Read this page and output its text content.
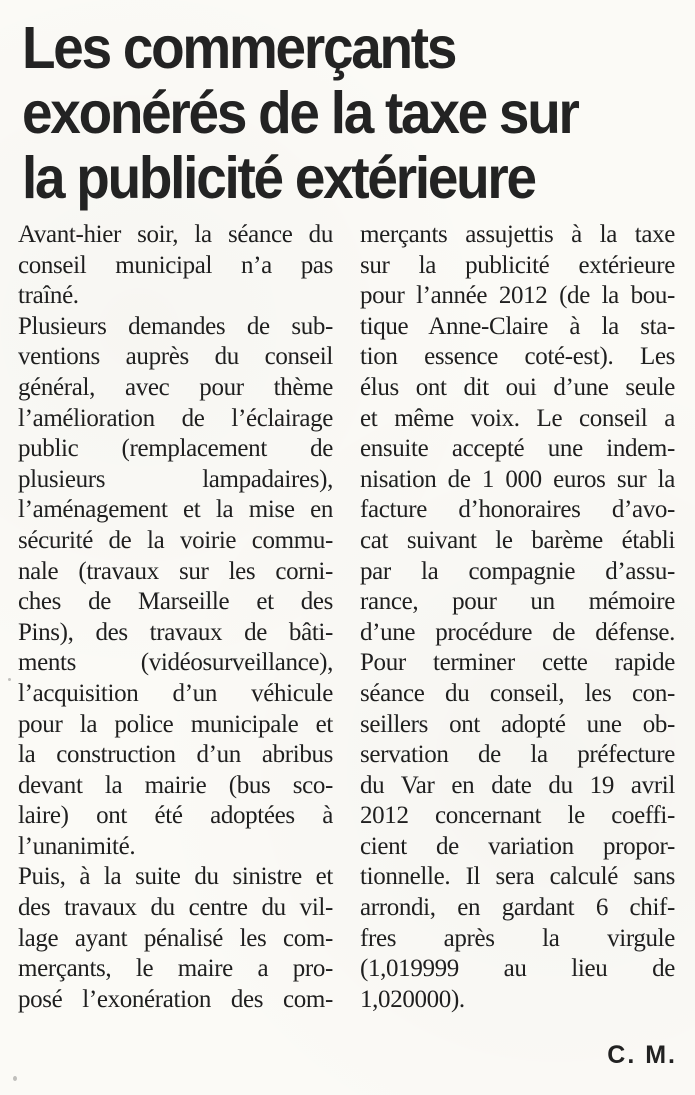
Les commerçants
exonérés de la taxe sur
la publicité extérieure
Avant-hier soir, la séance du
conseil municipal n’a pas
traîné.
Plusieurs demandes de sub-
ventions auprès du conseil
général, avec pour thème
l’amélioration de l’éclairage
public (remplacement de
plusieurs lampadaires),
l’aménagement et la mise en
sécurité de la voirie commu-
nale (travaux sur les corni-
ches de Marseille et des
Pins), des travaux de bâti-
ments (vidéosurveillance),
l’acquisition d’un véhicule
pour la police municipale et
la construction d’un abribus
devant la mairie (bus sco-
laire) ont été adoptées à
l’unanimité.
Puis, à la suite du sinistre et
des travaux du centre du vil-
lage ayant pénalisé les com-
merçants, le maire a pro-
posé l’exonération des com-
merçants assujettis à la taxe
sur la publicité extérieure
pour l’année 2012 (de la bou-
tique Anne-Claire à la sta-
tion essence coté-est). Les
élus ont dit oui d’une seule
et même voix. Le conseil a
ensuite accepté une indem-
nisation de 1 000 euros sur la
facture d’honoraires d’avo-
cat suivant le barème établi
par la compagnie d’assu-
rance, pour un mémoire
d’une procédure de défense.
Pour terminer cette rapide
séance du conseil, les con-
seillers ont adopté une ob-
servation de la préfecture
du Var en date du 19 avril
2012 concernant le coeffi-
cient de variation propor-
tionnelle. Il sera calculé sans
arrondi, en gardant 6 chif-
fres après la virgule
(1,019999 au lieu de
1,020000).
C. M.
